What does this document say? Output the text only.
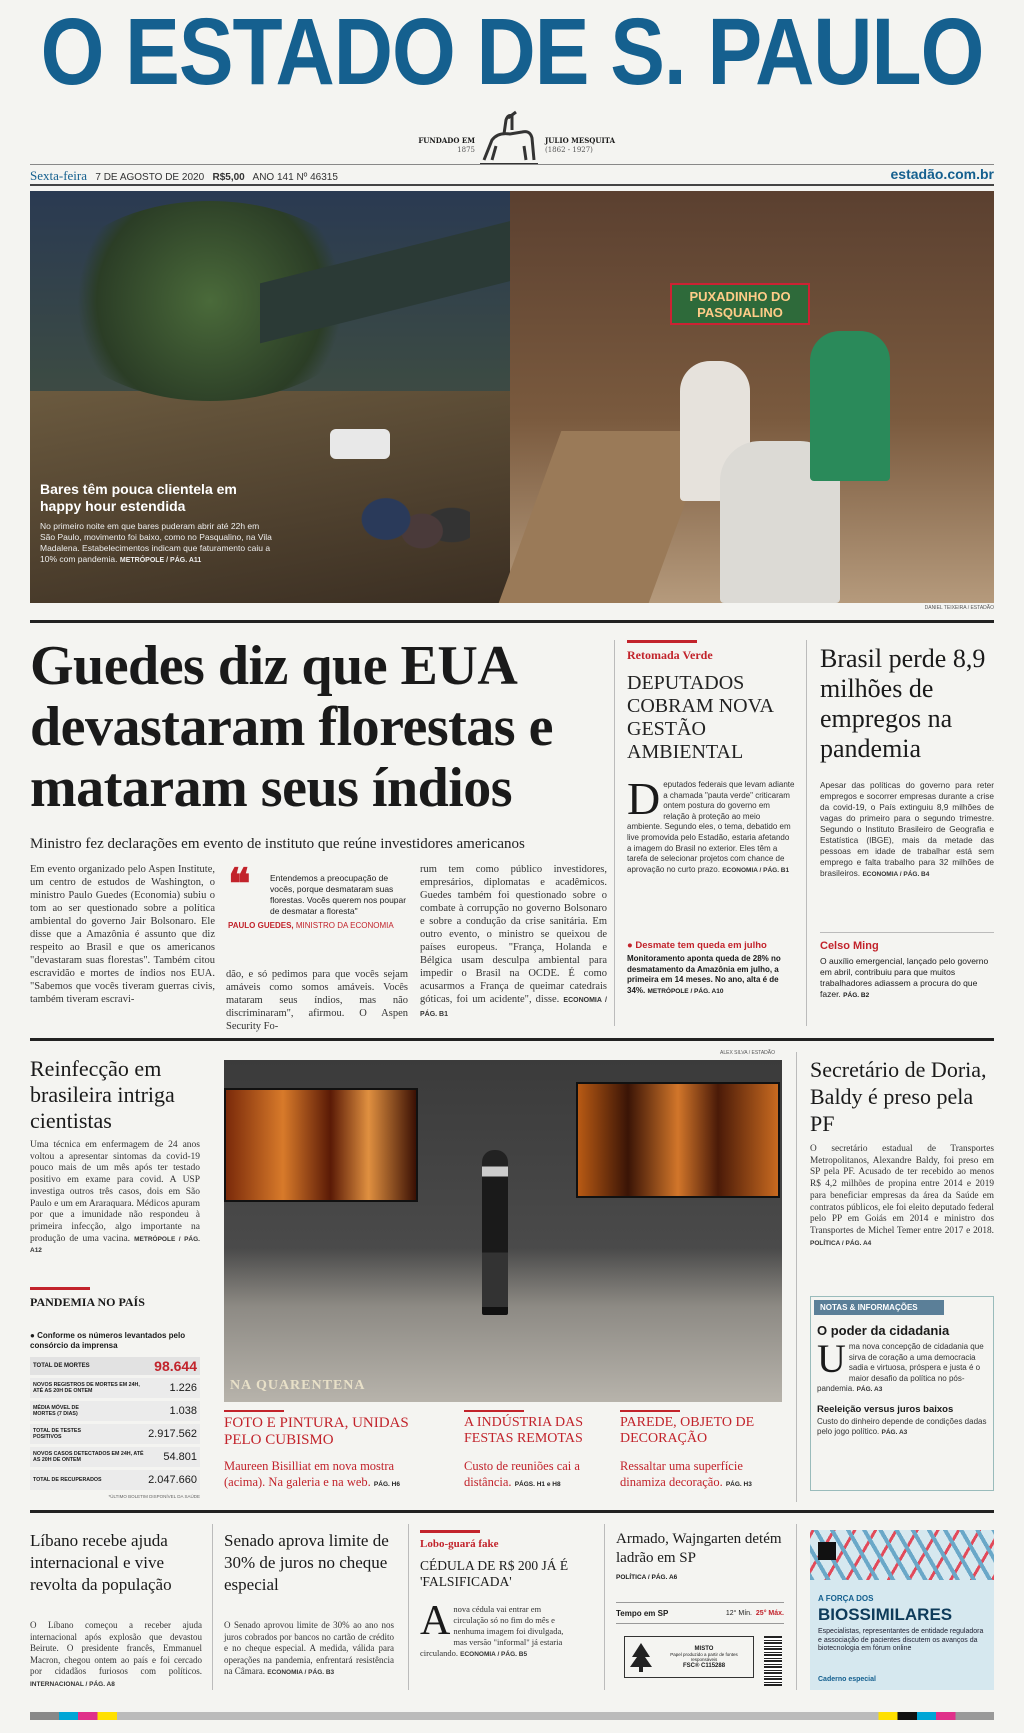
O ESTADO DE S. PAULO
FUNDADO EM
1875
JULIO MESQUITA
(1862 - 1927)
Sexta-feira 7 DE AGOSTO DE 2020 R$5,00 ANO 141 Nº 46315	estadão.com.br
PUXADINHO DO PASQUALINO
Bares têm pouca clientela em happy hour estendida
No primeiro noite em que bares puderam abrir até 22h em São Paulo, movimento foi baixo, como no Pasqualino, na Vila Madalena. Estabelecimentos indicam que faturamento caiu a 10% com pandemia. METRÓPOLE / PÁG. A11
DANIEL TEIXEIRA / ESTADÃO
Guedes diz que EUA devastaram florestas e mataram seus índios
Ministro fez declarações em evento de instituto que reúne investidores americanos
Em evento organizado pelo Aspen Institute, um centro de estudos de Washington, o ministro Paulo Guedes (Economia) subiu o tom ao ser questionado sobre a política ambiental do governo Jair Bolsonaro. Ele disse que a Amazônia é assunto que diz respeito ao Brasil e que os americanos "devastaram suas florestas". Também citou escravidão e mortes de índios nos EUA. "Sabemos que vocês tiveram guerras civis, também tiveram escravi-
❝ Entendemos a preocupação de vocês, porque desmataram suas florestas. Vocês querem nos poupar de desmatar a floresta"
PAULO GUEDES, MINISTRO DA ECONOMIA
dão, e só pedimos para que vocês sejam amáveis como somos amáveis. Vocês mataram seus índios, mas não discriminaram", afirmou. O Aspen Security Fo-
rum tem como público investidores, empresários, diplomatas e acadêmicos. Guedes também foi questionado sobre o combate à corrupção no governo Bolsonaro e sobre a condução da crise sanitária. Em outro evento, o ministro se queixou de países europeus. "França, Holanda e Bélgica usam desculpa ambiental para impedir o Brasil na OCDE. É como acusarmos a França de queimar catedrais góticas, foi um acidente", disse. ECONOMIA / PÁG. B1
Retomada Verde
DEPUTADOS COBRAM NOVA GESTÃO AMBIENTAL
D eputados federais que levam adiante a chamada "pauta verde" criticaram ontem postura do governo em relação à proteção ao meio ambiente. Segundo eles, o tema, debatido em live promovida pelo Estadão, estaria afetando a imagem do Brasil no exterior. Eles têm a tarefa de selecionar projetos com chance de aprovação no curto prazo. ECONOMIA / PÁG. B1
● Desmate tem queda em julho
Monitoramento aponta queda de 28% no desmatamento da Amazônia em julho, a primeira em 14 meses. No ano, alta é de 34%. METRÓPOLE / PÁG. A10
Brasil perde 8,9 milhões de empregos na pandemia
Apesar das políticas do governo para reter empregos e socorrer empresas durante a crise da covid-19, o País extinguiu 8,9 milhões de vagas do primeiro para o segundo trimestre. Segundo o Instituto Brasileiro de Geografia e Estatística (IBGE), mais da metade das pessoas em idade de trabalhar está sem emprego e falta trabalho para 32 milhões de brasileiros. ECONOMIA / PÁG. B4
Celso Ming
O auxílio emergencial, lançado pelo governo em abril, contribuiu para que muitos trabalhadores adiassem a procura do que fazer. PÁG. B2
Reinfecção em brasileira intriga cientistas
Uma técnica em enfermagem de 24 anos voltou a apresentar sintomas da covid-19 pouco mais de um mês após ter testado positivo em exame para covid. A USP investiga outros três casos, dois em São Paulo e um em Araraquara. Médicos apuram por que a imunidade não respondeu à primeira infecção, algo importante na produção de uma vacina. METRÓPOLE / PÁG. A12
PANDEMIA NO PAÍS
● Conforme os números levantados pelo consórcio da imprensa
TOTAL DE MORTES	98.644
NOVOS REGISTROS DE MORTES EM 24H, ATÉ AS 20H DE ONTEM	1.226
MÉDIA MÓVEL DE MORTES (7 DIAS)	1.038
TOTAL DE TESTES POSITIVOS	2.917.562
NOVOS CASOS DETECTADOS EM 24H, ATÉ AS 20H DE ONTEM	54.801
TOTAL DE RECUPERADOS	2.047.660
*ÚLTIMO BOLETIM DISPONÍVEL DA SAÚDE
ALEX SILVA / ESTADÃO
NA QUARENTENA
FOTO E PINTURA, UNIDAS PELO CUBISMO
Maureen Bisilliat em nova mostra (acima). Na galeria e na web. PÁG. H6
A INDÚSTRIA DAS FESTAS REMOTAS
Custo de reuniões cai a distância. PÁGS. H1 e H8
PAREDE, OBJETO DE DECORAÇÃO
Ressaltar uma superfície dinamiza decoração. PÁG. H3
Secretário de Doria, Baldy é preso pela PF
O secretário estadual de Transportes Metropolitanos, Alexandre Baldy, foi preso em SP pela PF. Acusado de ter recebido ao menos R$ 4,2 milhões de propina entre 2014 e 2019 para beneficiar empresas da área da Saúde em contratos públicos, ele foi eleito deputado federal pelo PP em Goiás em 2014 e ministro dos Transportes de Michel Temer entre 2017 e 2018. POLÍTICA / PÁG. A4
NOTAS & INFORMAÇÕES
O poder da cidadania
U ma nova concepção de cidadania que sirva de coração a uma democracia sadia e virtuosa, próspera e justa é o maior desafio da política no pós-pandemia. PÁG. A3
Reeleição versus juros baixos
Custo do dinheiro depende de condições dadas pelo jogo político. PÁG. A3
Líbano recebe ajuda internacional e vive revolta da população
O Líbano começou a receber ajuda internacional após explosão que devastou Beirute. O presidente francês, Emmanuel Macron, chegou ontem ao país e foi cercado por cidadãos furiosos com políticos. INTERNACIONAL / PÁG. A8
Senado aprova limite de 30% de juros no cheque especial
O Senado aprovou limite de 30% ao ano nos juros cobrados por bancos no cartão de crédito e no cheque especial. A medida, válida para operações na pandemia, enfrentará resistência na Câmara. ECONOMIA / PÁG. B3
Lobo-guará fake
CÉDULA DE R$ 200 JÁ É 'FALSIFICADA'
A nova cédula vai entrar em circulação só no fim do mês e nenhuma imagem foi divulgada, mas versão "informal" já estaria circulando. ECONOMIA / PÁG. B5
Armado, Wajngarten detém ladrão em SP
POLÍTICA / PÁG. A6
Tempo em SP	12° Mín. 25° Máx.
MISTO
Papel produzido a partir de fontes responsáveis
FSC® C115288
A FORÇA DOS
BIOSSIMILARES
Especialistas, representantes de entidade reguladora e associação de pacientes discutem os avanços da biotecnologia em fórum online
Caderno especial
